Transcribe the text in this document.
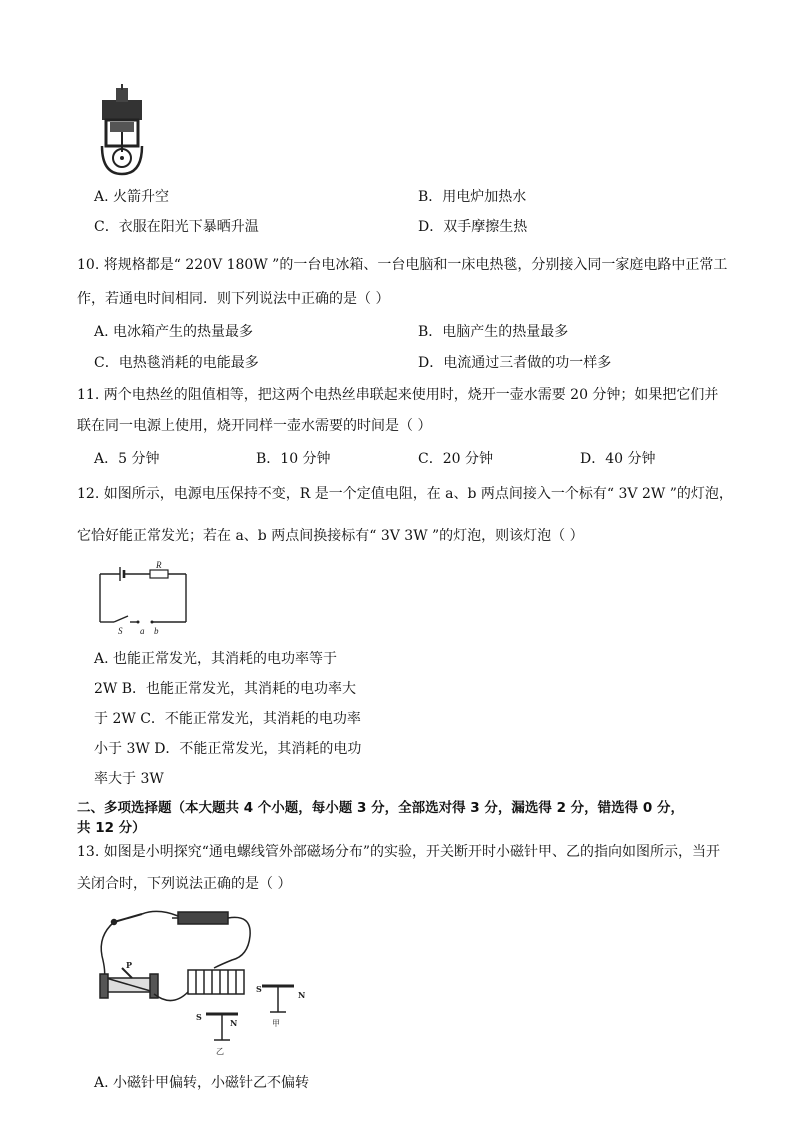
A. 火箭升空	B．用电炉加热水
C．衣服在阳光下暴晒升温	D．双手摩擦生热
10. 将规格都是“ 220V 180W ”的一台电冰箱、一台电脑和一床电热毯，分别接入同一家庭电路中正常工
作，若通电时间相同．则下列说法中正确的是（ ）
A. 电冰箱产生的热量最多	B．电脑产生的热量最多
C．电热毯消耗的电能最多	D．电流通过三者做的功一样多
11. 两个电热丝的阻值相等，把这两个电热丝串联起来使用时，烧开一壶水需要 20 分钟；如果把它们并
联在同一电源上使用，烧开同样一壶水需要的时间是（ ）
A．5 分钟	B．10 分钟	C．20 分钟	D．40 分钟
12. 如图所示，电源电压保持不变，R 是一个定值电阻，在 a、b 两点间接入一个标有“ 3V 2W ”的灯泡，
它恰好能正常发光；若在 a、b 两点间换接标有“ 3V 3W ”的灯泡，则该灯泡（ ）
R
S a b
A. 也能正常发光，其消耗的电功率等于
2W B．也能正常发光，其消耗的电功率大
于 2W C．不能正常发光，其消耗的电功率
小于 3W D．不能正常发光，其消耗的电功
率大于 3W
二、多项选择题（本大题共 4 个小题，每小题 3 分，全部选对得 3 分，漏选得 2 分，错选得 0 分，
共 12 分）
13. 如图是小明探究“通电螺线管外部磁场分布”的实验，开关断开时小磁针甲、乙的指向如图所示，当开
关闭合时，下列说法正确的是（ ）
P
S
N
甲
S
N
乙
A. 小磁针甲偏转，小磁针乙不偏转
